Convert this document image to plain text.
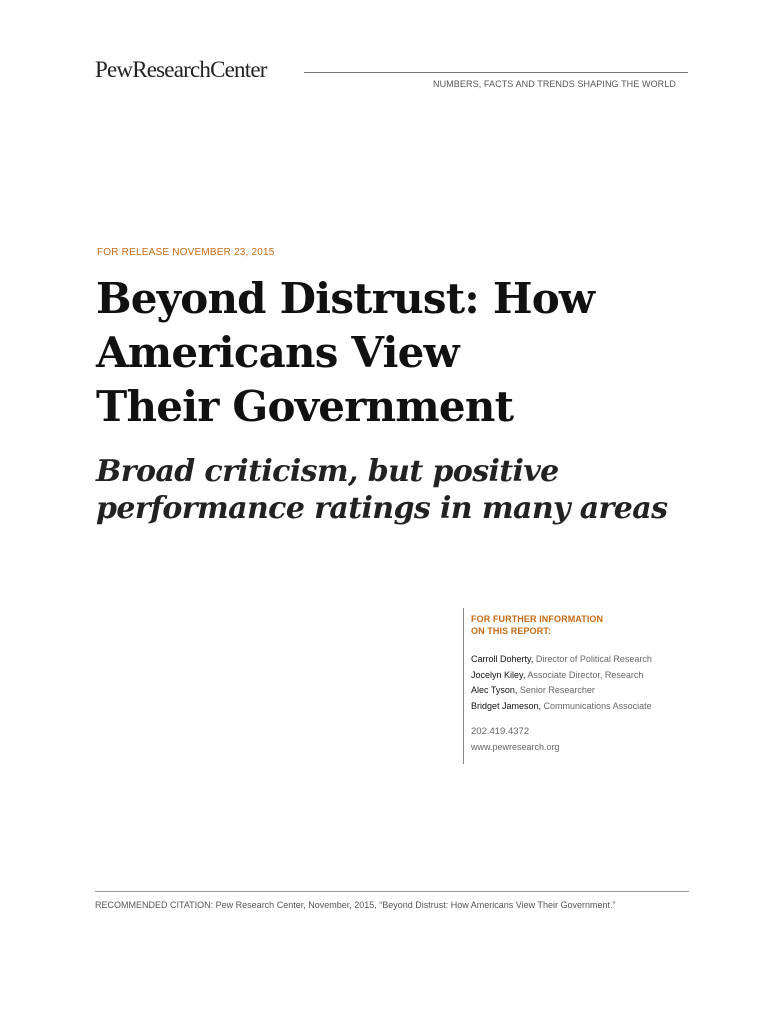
PewResearchCenter
NUMBERS, FACTS AND TRENDS SHAPING THE WORLD
FOR RELEASE NOVEMBER 23, 2015
Beyond Distrust: How
Americans View
Their Government
Broad criticism, but positive
performance ratings in many areas
FOR FURTHER INFORMATION
ON THIS REPORT:
Carroll Doherty, Director of Political Research
Jocelyn Kiley, Associate Director, Research
Alec Tyson, Senior Researcher
Bridget Jameson, Communications Associate
202.419.4372
www.pewresearch.org
RECOMMENDED CITATION: Pew Research Center, November, 2015, “Beyond Distrust: How Americans View Their Government.”
